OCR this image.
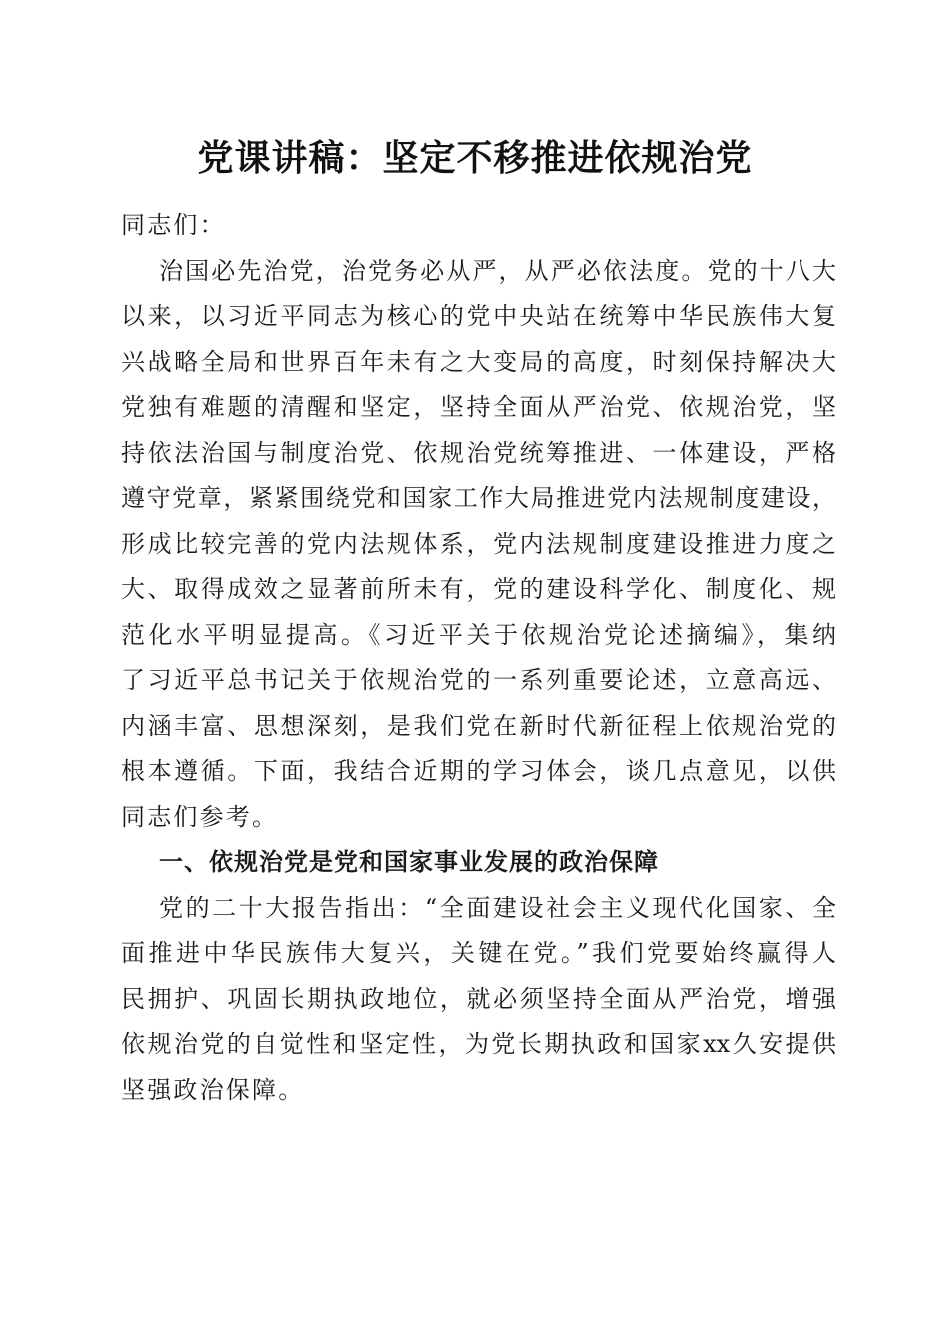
党课讲稿：坚定不移推进依规治党
同志们：
治国必先治党，治党务必从严，从严必依法度。党的十八大
以来，以习近平同志为核心的党中央站在统筹中华民族伟大复
兴战略全局和世界百年未有之大变局的高度，时刻保持解决大
党独有难题的清醒和坚定，坚持全面从严治党、依规治党，坚
持依法治国与制度治党、依规治党统筹推进、一体建设，严格
遵守党章，紧紧围绕党和国家工作大局推进党内法规制度建设，
形成比较完善的党内法规体系，党内法规制度建设推进力度之
大、取得成效之显著前所未有，党的建设科学化、制度化、规
范化水平明显提高。《习近平关于依规治党论述摘编》，集纳
了习近平总书记关于依规治党的一系列重要论述，立意高远、
内涵丰富、思想深刻，是我们党在新时代新征程上依规治党的
根本遵循。下面，我结合近期的学习体会，谈几点意见，以供
同志们参考。
一、依规治党是党和国家事业发展的政治保障
党的二十大报告指出：“全面建设社会主义现代化国家、全
面推进中华民族伟大复兴，关键在党。”我们党要始终赢得人
民拥护、巩固长期执政地位，就必须坚持全面从严治党，增强
依规治党的自觉性和坚定性，为党长期执政和国家xx久安提供
坚强政治保障。
